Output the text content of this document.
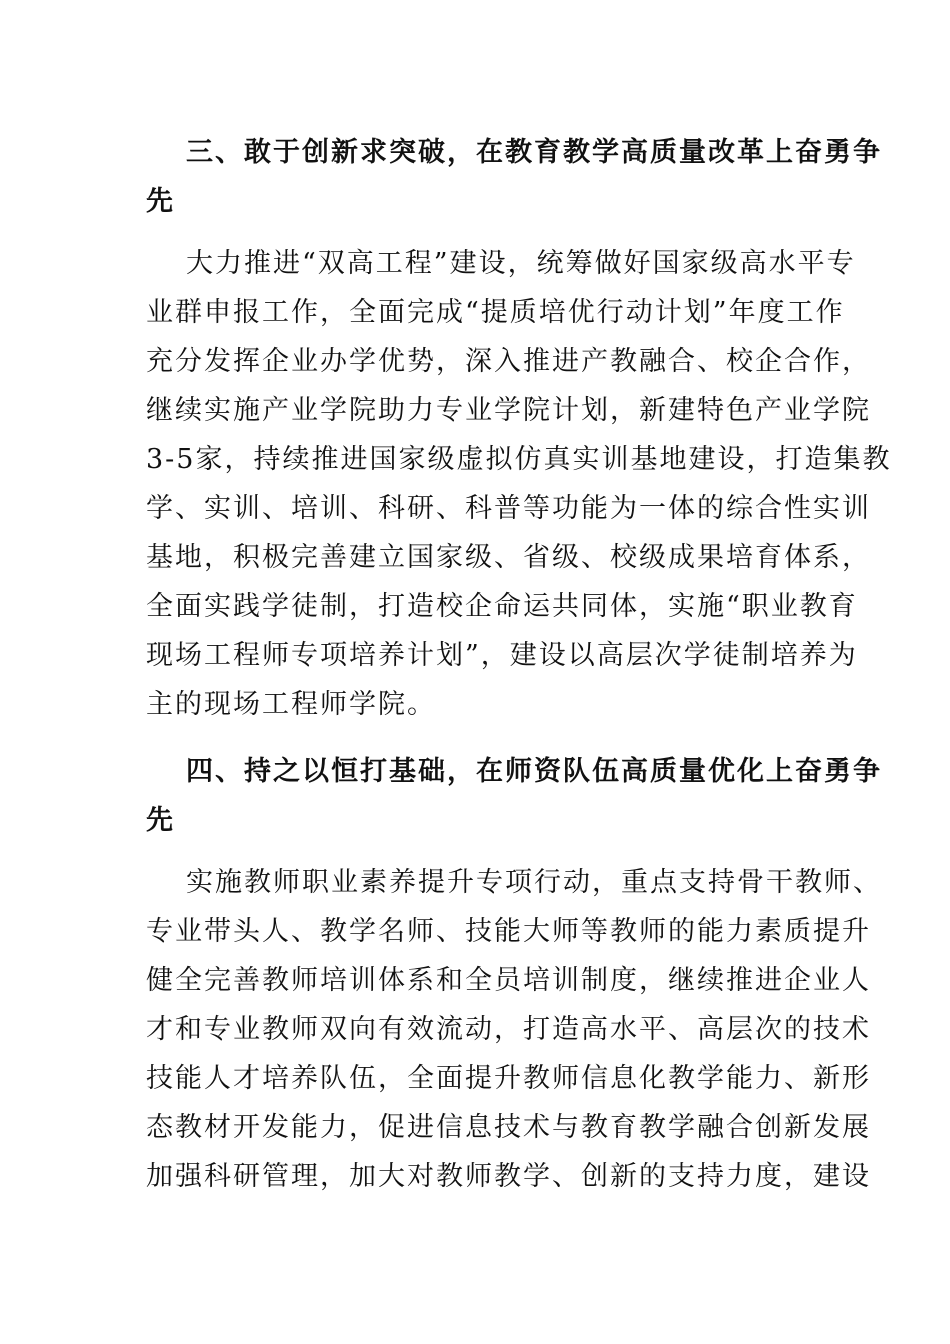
三、敢于创新求突破，在教育教学高质量改革上奋勇争
先
大力推进“双高工程”建设，统筹做好国家级高水平专
业群申报工作，全面完成“提质培优行动计划”年度工作
充分发挥企业办学优势，深入推进产教融合、校企合作，
继续实施产业学院助力专业学院计划，新建特色产业学院
3-5家，持续推进国家级虚拟仿真实训基地建设，打造集教
学、实训、培训、科研、科普等功能为一体的综合性实训
基地，积极完善建立国家级、省级、校级成果培育体系，
全面实践学徒制，打造校企命运共同体，实施“职业教育
现场工程师专项培养计划”，建设以高层次学徒制培养为
主的现场工程师学院。
四、持之以恒打基础，在师资队伍高质量优化上奋勇争
先
实施教师职业素养提升专项行动，重点支持骨干教师、
专业带头人、教学名师、技能大师等教师的能力素质提升
健全完善教师培训体系和全员培训制度，继续推进企业人
才和专业教师双向有效流动，打造高水平、高层次的技术
技能人才培养队伍，全面提升教师信息化教学能力、新形
态教材开发能力，促进信息技术与教育教学融合创新发展
加强科研管理，加大对教师教学、创新的支持力度，建设
